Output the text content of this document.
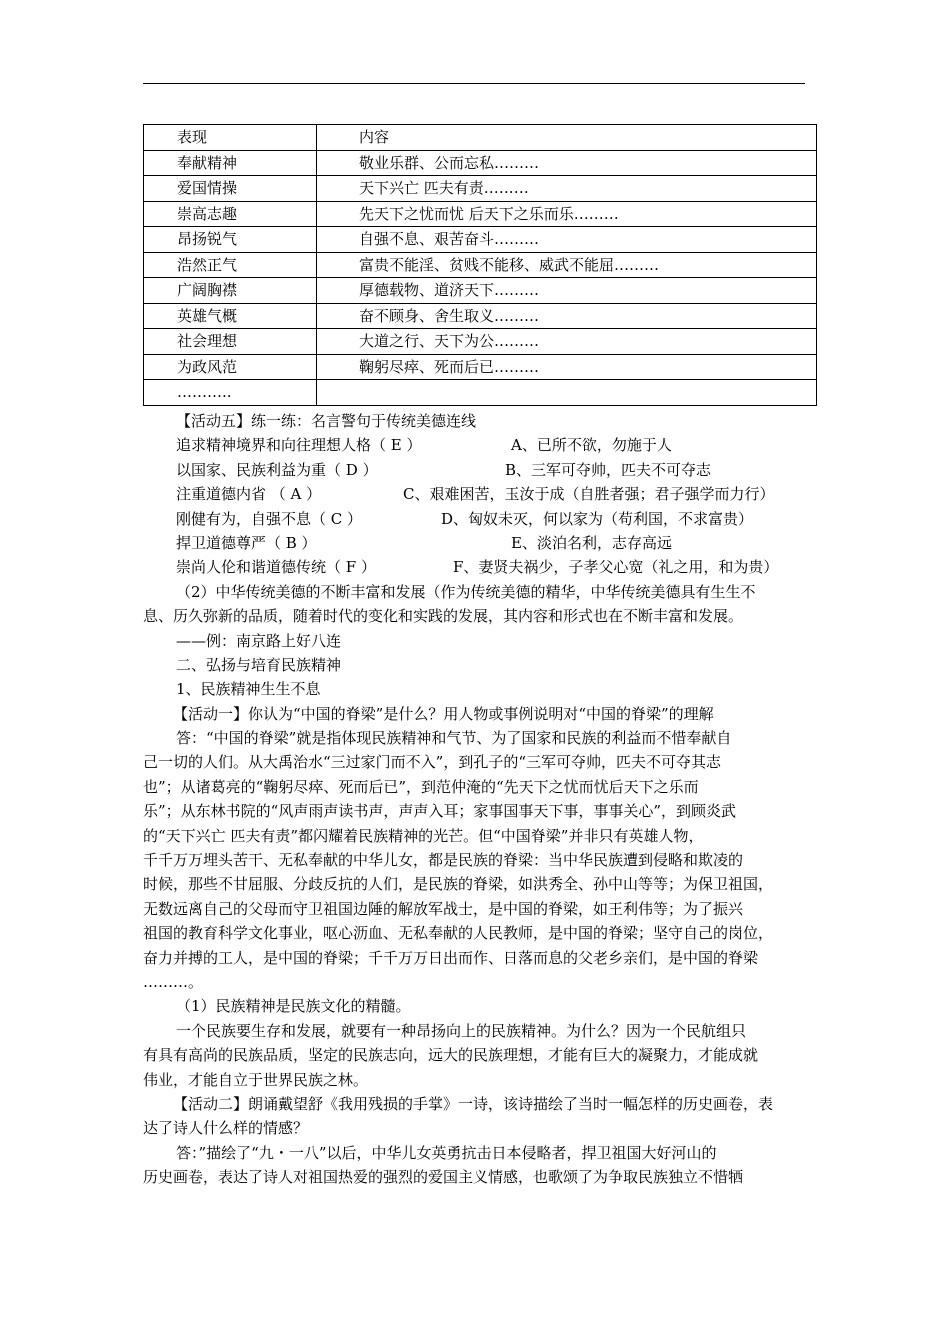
表现	内容
奉献精神	敬业乐群、公而忘私………
爱国情操	天下兴亡 匹夫有责………
崇高志趣	先天下之忧而忧 后天下之乐而乐………
昂扬锐气	自强不息、艰苦奋斗………
浩然正气	富贵不能淫、贫贱不能移、威武不能屈………
广阔胸襟	厚德载物、道济天下………
英雄气概	奋不顾身、舍生取义………
社会理想	大道之行、天下为公………
为政风范	鞠躬尽瘁、死而后已………
………..	
【活动五】练一练：名言警句于传统美德连线
追求精神境界和向往理想人格（ E ）	A、已所不欲，勿施于人
以国家、民族利益为重（ D ）	B、三军可夺帅，匹夫不可夺志
注重道德内省 （ A ）	C、艰难困苦，玉汝于成（自胜者强；君子强学而力行）
刚健有为，自强不息（ C ）	D、匈奴未灭，何以家为（苟利国，不求富贵）
捍卫道德尊严（ B ）	E、淡泊名利，志存高远
崇尚人伦和谐道德传统（ F ）	F、妻贤夫祸少，子孝父心宽（礼之用，和为贵）
（2）中华传统美德的不断丰富和发展（作为传统美德的精华，中华传统美德具有生生不
息、历久弥新的品质，随着时代的变化和实践的发展，其内容和形式也在不断丰富和发展。
——例：南京路上好八连
二、弘扬与培育民族精神
1、民族精神生生不息
【活动一】你认为“中国的脊梁”是什么？用人物或事例说明对“中国的脊梁”的理解
答：“中国的脊梁”就是指体现民族精神和气节、为了国家和民族的利益而不惜奉献自
己一切的人们。从大禹治水“三过家门而不入”，到孔子的“三军可夺帅，匹夫不可夺其志
也”；从诸葛亮的“鞠躬尽瘁、死而后已”，到范仲淹的“先天下之忧而忧后天下之乐而
乐”；从东林书院的“风声雨声读书声，声声入耳；家事国事天下事，事事关心”，到顾炎武
的“天下兴亡 匹夫有责”都闪耀着民族精神的光芒。但“中国脊梁”并非只有英雄人物，
千千万万埋头苦干、无私奉献的中华儿女，都是民族的脊梁：当中华民族遭到侵略和欺凌的
时候，那些不甘屈服、分歧反抗的人们，是民族的脊梁，如洪秀全、孙中山等等；为保卫祖国，
无数远离自己的父母而守卫祖国边陲的解放军战士，是中国的脊梁，如王利伟等；为了振兴
祖国的教育科学文化事业，呕心沥血、无私奉献的人民教师，是中国的脊梁；坚守自己的岗位，
奋力并搏的工人，是中国的脊梁；千千万万日出而作、日落而息的父老乡亲们，是中国的脊梁
………。
（1）民族精神是民族文化的精髓。
一个民族要生存和发展，就要有一种昂扬向上的民族精神。为什么？因为一个民航组只
有具有高尚的民族品质，坚定的民族志向，远大的民族理想，才能有巨大的凝聚力，才能成就
伟业，才能自立于世界民族之林。
【活动二】朗诵戴望舒《我用残损的手掌》一诗，该诗描绘了当时一幅怎样的历史画卷，表
达了诗人什么样的情感？
答：”描绘了“九・一八”以后，中华儿女英勇抗击日本侵略者，捍卫祖国大好河山的
历史画卷，表达了诗人对祖国热爱的强烈的爱国主义情感，也歌颂了为争取民族独立不惜牺
